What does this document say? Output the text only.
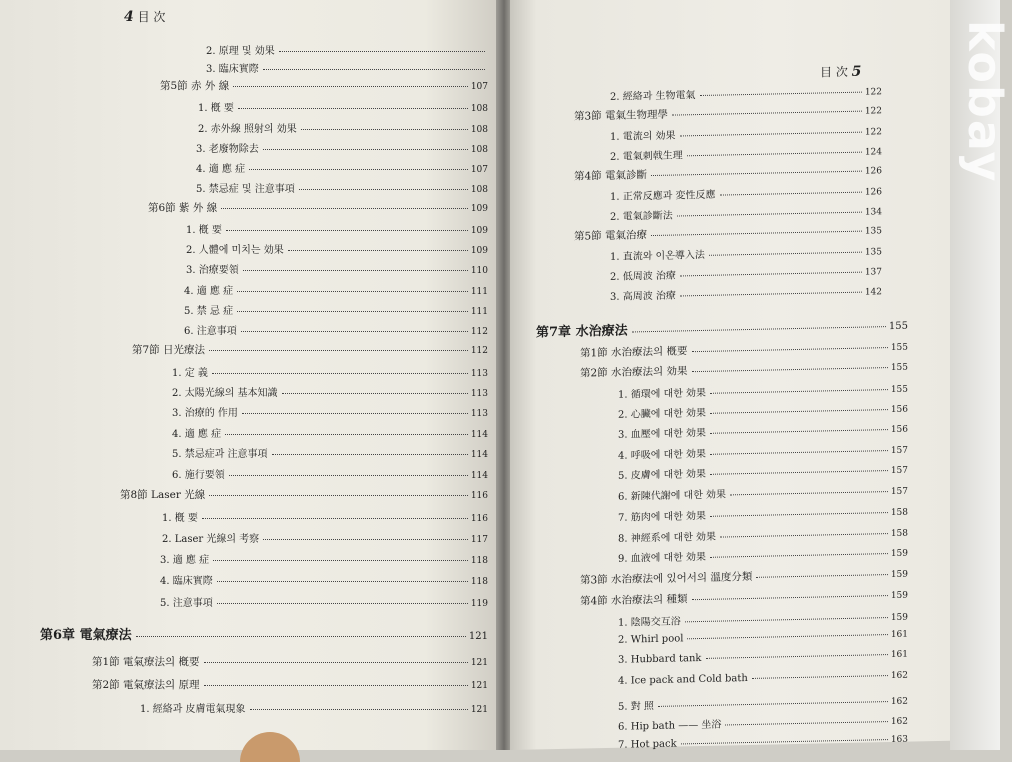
4 目 次
2. 原理 및 効果
3. 臨床實際
第5節 赤 外 線	107
1. 槪 要	108
2. 赤外線 照射의 効果	108
3. 老廢物除去	108
4. 適 應 症	107
5. 禁忌症 및 注意事項	108
第6節 紫 外 線	109
1. 槪 要	109
2. 人體에 미치는 効果	109
3. 治療要領	110
4. 適 應 症	111
5. 禁 忌 症	111
6. 注意事項	112
第7節 日光療法	112
1. 定 義	113
2. 太陽光線의 基本知識	113
3. 治療的 作用	113
4. 適 應 症	114
5. 禁忌症과 注意事項	114
6. 施行要領	114
第8節 Laser 光線	116
1. 槪 要	116
2. Laser 光線의 考察	117
3. 適 應 症	118
4. 臨床實際	118
5. 注意事項	119
第6章 電氣療法	121
第1節 電氣療法의 槪要	121
第2節 電氣療法의 原理	121
1. 經絡과 皮膚電氣現象	121
目 次 5
2. 經絡과 生物電氣	122
第3節 電氣生物理學	122
1. 電流의 効果	122
2. 電氣刺戟生理	124
第4節 電氣診斷	126
1. 正常反應과 変性反應	126
2. 電氣診斷法	134
第5節 電氣治療	135
1. 直流와 이온導入法	135
2. 低周波 治療	137
3. 高周波 治療	142
第7章 水治療法	155
第1節 水治療法의 槪要	155
第2節 水治療法의 効果	155
1. 循環에 대한 効果	155
2. 心臟에 대한 効果	156
3. 血壓에 대한 効果	156
4. 呼吸에 대한 効果	157
5. 皮膚에 대한 効果	157
6. 新陳代謝에 대한 効果	157
7. 筋肉에 대한 効果	158
8. 神經系에 대한 効果	158
9. 血液에 대한 効果	159
第3節 水治療法에 있어서의 溫度分類	159
第4節 水治療法의 種類	159
1. 陰陽交互浴	159
2. Whirl pool	161
3. Hubbard tank	161
4. Ice pack and Cold bath	162
5. 對 照	162
6. Hip bath —— 坐浴	162
7. Hot pack	163
kobay
